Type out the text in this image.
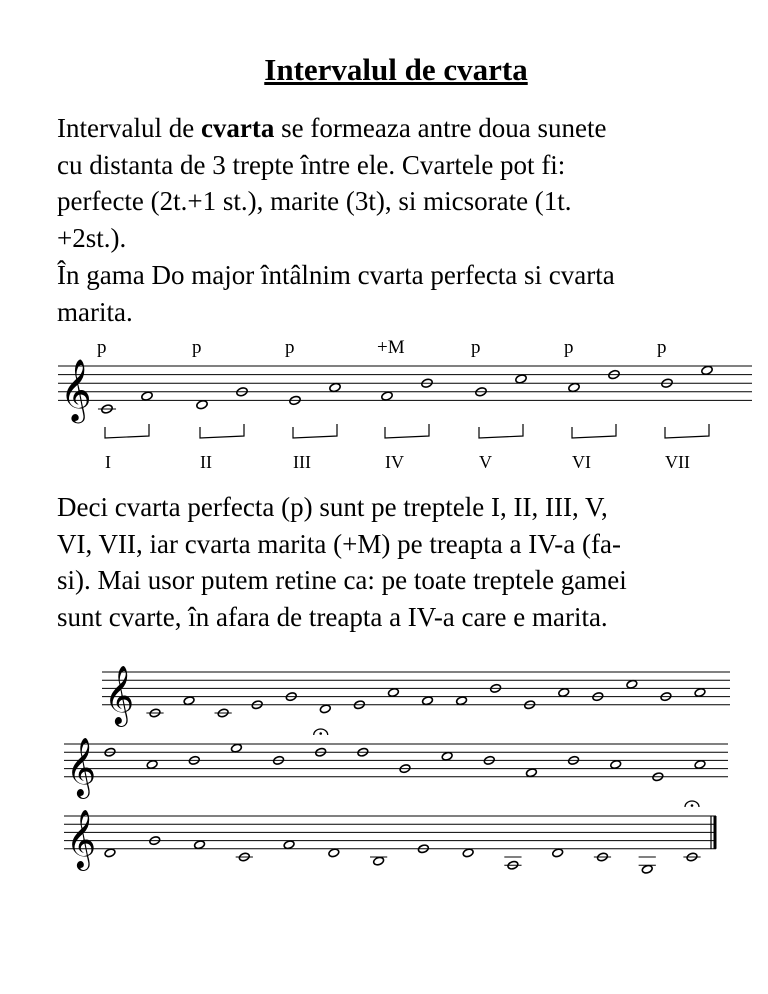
Intervalul de cvarta
Intervalul de cvarta se formeaza antre doua sunete
cu distanta de 3 trepte între ele. Cvartele pot fi:
perfecte (2t.+1 st.), marite (3t), si micsorate (1t.
+2st.).
În gama Do major întâlnim cvarta perfecta si cvarta
marita.
𝄞
p
I
p
II
p
III
+M
IV
p
V
p
VI
p
VII
𝄞
𝄞
𝄞
Deci cvarta perfecta (p) sunt pe treptele I, II, III, V,
VI, VII, iar cvarta marita (+M) pe treapta a IV-a (fa-
si). Mai usor putem retine ca: pe toate treptele gamei
sunt cvarte, în afara de treapta a IV-a care e marita.
